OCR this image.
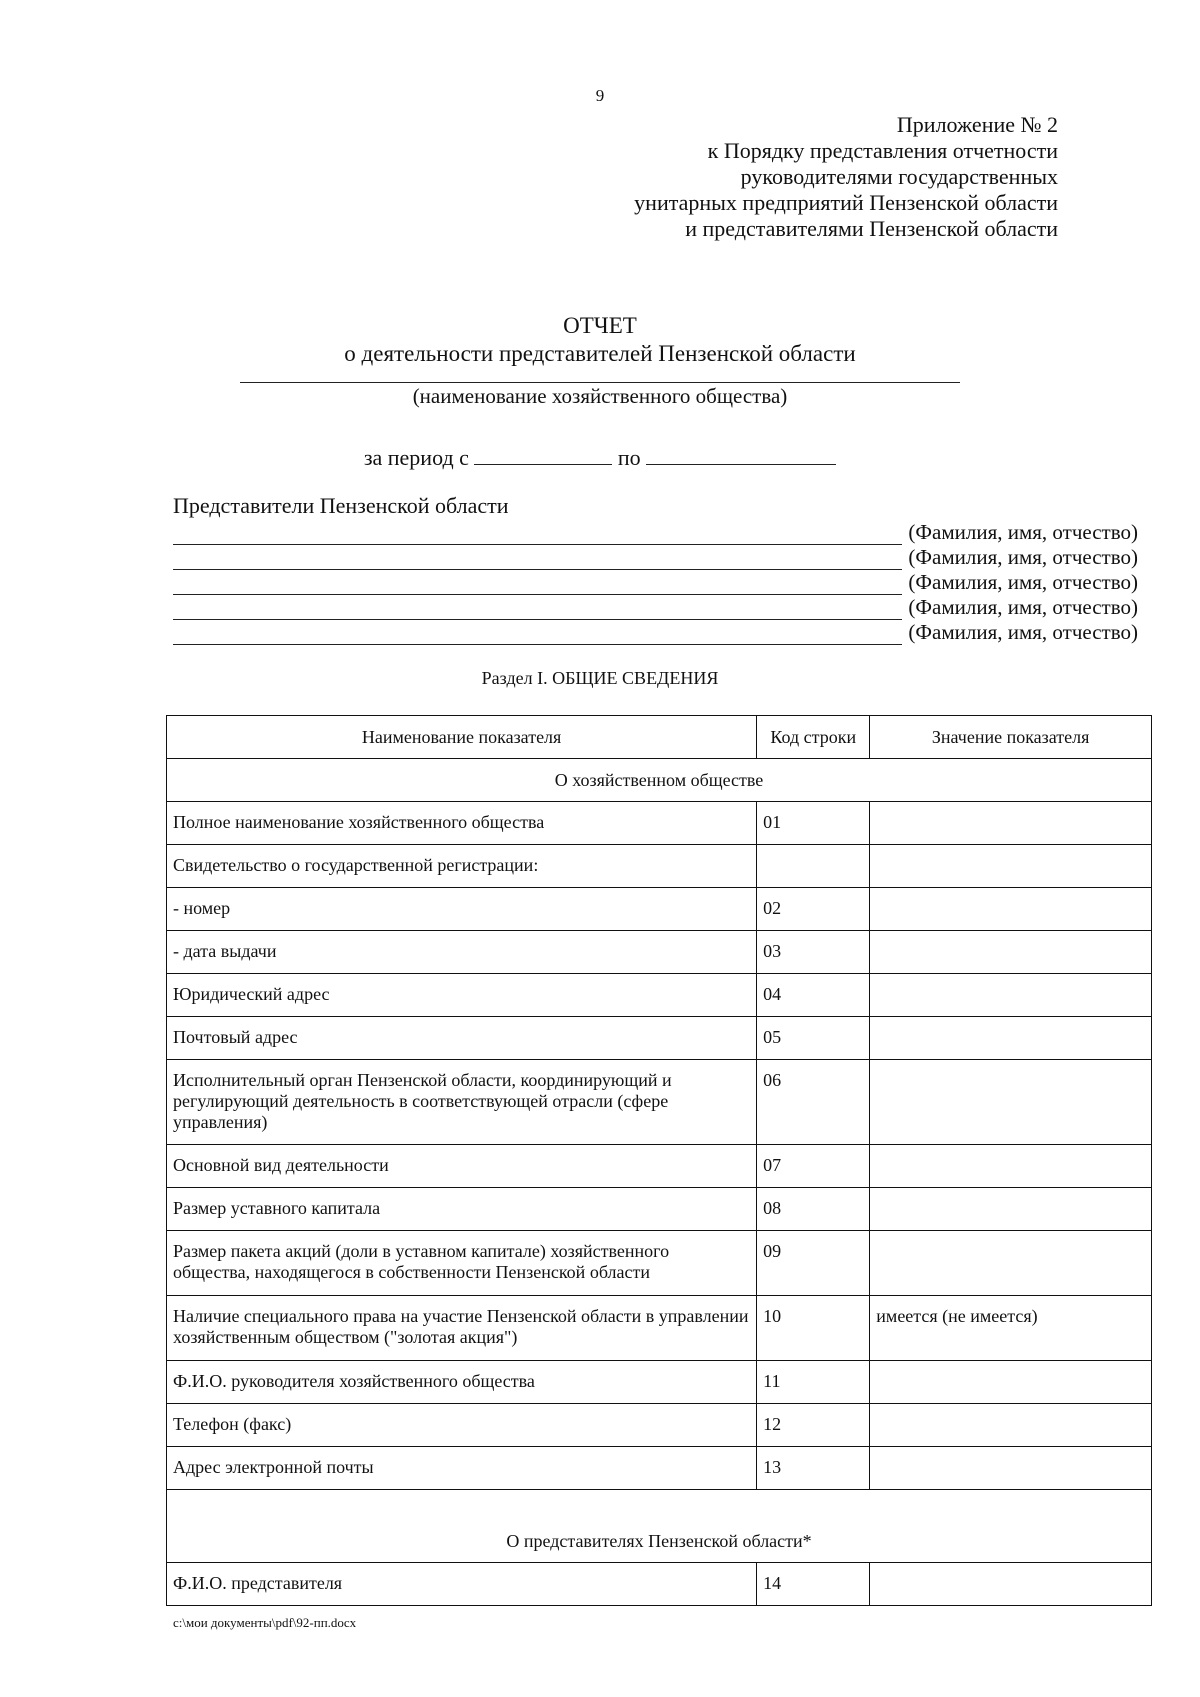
9
Приложение № 2
к Порядку представления отчетности
руководителями государственных
унитарных предприятий Пензенской области
и представителями Пензенской области
ОТЧЕТ
о деятельности представителей Пензенской области
(наименование хозяйственного общества)
за период с	по
Представители Пензенской области
(Фамилия, имя, отчество)
(Фамилия, имя, отчество)
(Фамилия, имя, отчество)
(Фамилия, имя, отчество)
(Фамилия, имя, отчество)
Раздел I. ОБЩИЕ СВЕДЕНИЯ
Наименование показателя	Код строки	Значение показателя
О хозяйственном обществе		
Полное наименование хозяйственного общества	01	
Свидетельство о государственной регистрации:		
- номер	02	
- дата выдачи	03	
Юридический адрес	04	
Почтовый адрес	05	
Исполнительный орган Пензенской области, координирующий и регулирующий деятельность в соответствующей отрасли (сфере управления)	06	
Основной вид деятельности	07	
Размер уставного капитала	08	
Размер пакета акций (доли в уставном капитале) хозяйственного общества, находящегося в собственности Пензенской области	09	
Наличие специального права на участие Пензенской области в управлении хозяйственным обществом ("золотая акция")	10	имеется (не имеется)
Ф.И.О. руководителя хозяйственного общества	11	
Телефон (факс)	12	
Адрес электронной почты	13	
О представителях Пензенской области*		
Ф.И.О. представителя	14	
c:\мои документы\pdf\92-пп.docx
